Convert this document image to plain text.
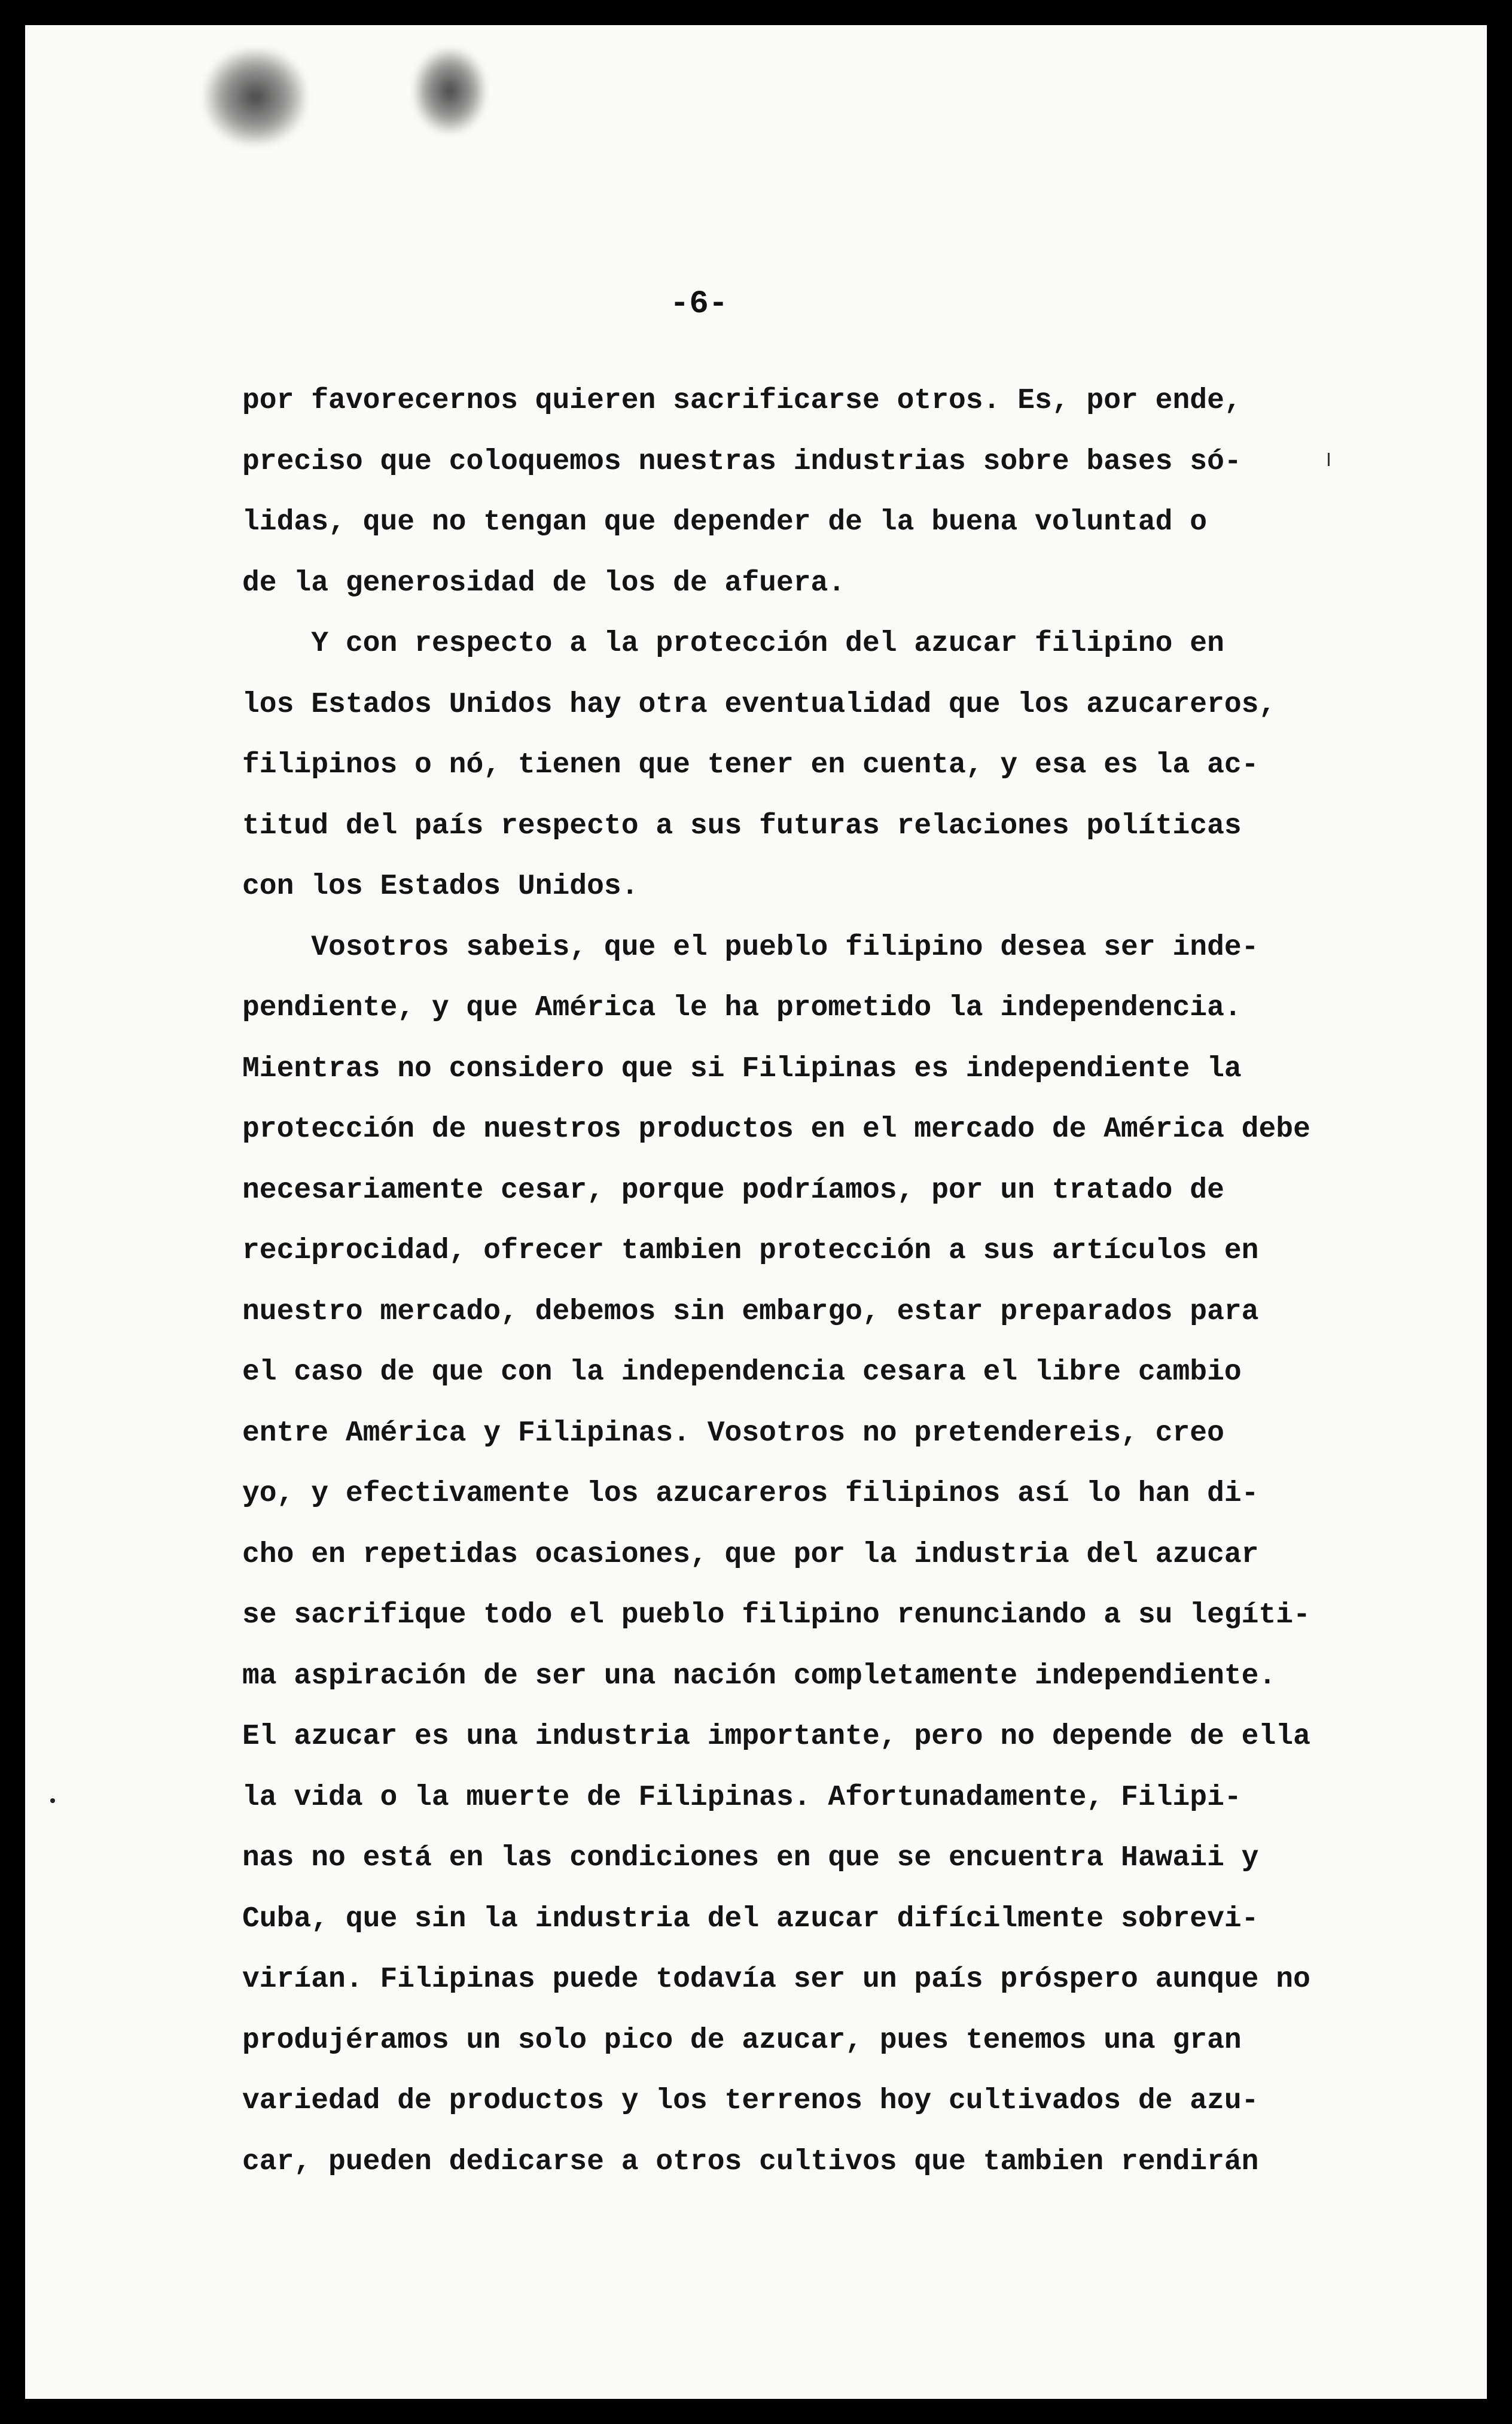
-6-
por favorecernos quieren sacrificarse otros. Es, por ende,
preciso que coloquemos nuestras industrias sobre bases só-
lidas, que no tengan que depender de la buena voluntad o
de la generosidad de los de afuera.
Y con respecto a la protección del azucar filipino en
los Estados Unidos hay otra eventualidad que los azucareros,
filipinos o nó, tienen que tener en cuenta, y esa es la ac-
titud del país respecto a sus futuras relaciones políticas
con los Estados Unidos.
Vosotros sabeis, que el pueblo filipino desea ser inde-
pendiente, y que América le ha prometido la independencia.
Mientras no considero que si Filipinas es independiente la
protección de nuestros productos en el mercado de América debe
necesariamente cesar, porque podríamos, por un tratado de
reciprocidad, ofrecer tambien protección a sus artículos en
nuestro mercado, debemos sin embargo, estar preparados para
el caso de que con la independencia cesara el libre cambio
entre América y Filipinas. Vosotros no pretendereis, creo
yo, y efectivamente los azucareros filipinos así lo han di-
cho en repetidas ocasiones, que por la industria del azucar
se sacrifique todo el pueblo filipino renunciando a su legíti-
ma aspiración de ser una nación completamente independiente.
El azucar es una industria importante, pero no depende de ella
la vida o la muerte de Filipinas. Afortunadamente, Filipi-
nas no está en las condiciones en que se encuentra Hawaii y
Cuba, que sin la industria del azucar difícilmente sobrevi-
virían. Filipinas puede todavía ser un país próspero aunque no
produjéramos un solo pico de azucar, pues tenemos una gran
variedad de productos y los terrenos hoy cultivados de azu-
car, pueden dedicarse a otros cultivos que tambien rendirán
